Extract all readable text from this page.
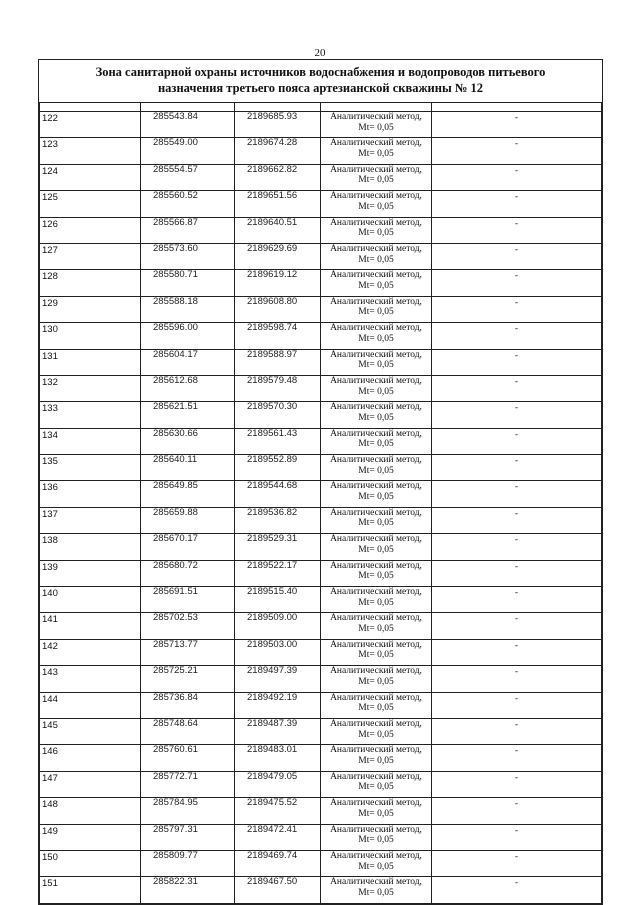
20
Зона санитарной охраны источников водоснабжения и водопроводов питьевого
назначения третьего пояса артезианской скважины № 12

122	285543.84	2189685.93	Аналитический метод,
Mt= 0,05	-
123	285549.00	2189674.28	Аналитический метод,
Mt= 0,05	-
124	285554.57	2189662.82	Аналитический метод,
Mt= 0,05	-
125	285560.52	2189651.56	Аналитический метод,
Mt= 0,05	-
126	285566.87	2189640.51	Аналитический метод,
Mt= 0,05	-
127	285573.60	2189629.69	Аналитический метод,
Mt= 0,05	-
128	285580.71	2189619.12	Аналитический метод,
Mt= 0,05	-
129	285588.18	2189608.80	Аналитический метод,
Mt= 0,05	-
130	285596.00	2189598.74	Аналитический метод,
Mt= 0,05	-
131	285604.17	2189588.97	Аналитический метод,
Mt= 0,05	-
132	285612.68	2189579.48	Аналитический метод,
Mt= 0,05	-
133	285621.51	2189570.30	Аналитический метод,
Mt= 0,05	-
134	285630.66	2189561.43	Аналитический метод,
Mt= 0,05	-
135	285640.11	2189552.89	Аналитический метод,
Mt= 0,05	-
136	285649.85	2189544.68	Аналитический метод,
Mt= 0,05	-
137	285659.88	2189536.82	Аналитический метод,
Mt= 0,05	-
138	285670.17	2189529.31	Аналитический метод,
Mt= 0,05	-
139	285680.72	2189522.17	Аналитический метод,
Mt= 0,05	-
140	285691.51	2189515.40	Аналитический метод,
Mt= 0,05	-
141	285702.53	2189509.00	Аналитический метод,
Mt= 0,05	-
142	285713.77	2189503.00	Аналитический метод,
Mt= 0,05	-
143	285725.21	2189497.39	Аналитический метод,
Mt= 0,05	-
144	285736.84	2189492.19	Аналитический метод,
Mt= 0,05	-
145	285748.64	2189487.39	Аналитический метод,
Mt= 0,05	-
146	285760.61	2189483.01	Аналитический метод,
Mt= 0,05	-
147	285772.71	2189479.05	Аналитический метод,
Mt= 0,05	-
148	285784.95	2189475.52	Аналитический метод,
Mt= 0,05	-
149	285797.31	2189472.41	Аналитический метод,
Mt= 0,05	-
150	285809.77	2189469.74	Аналитический метод,
Mt= 0,05	-
151	285822.31	2189467.50	Аналитический метод,
Mt= 0,05	-
